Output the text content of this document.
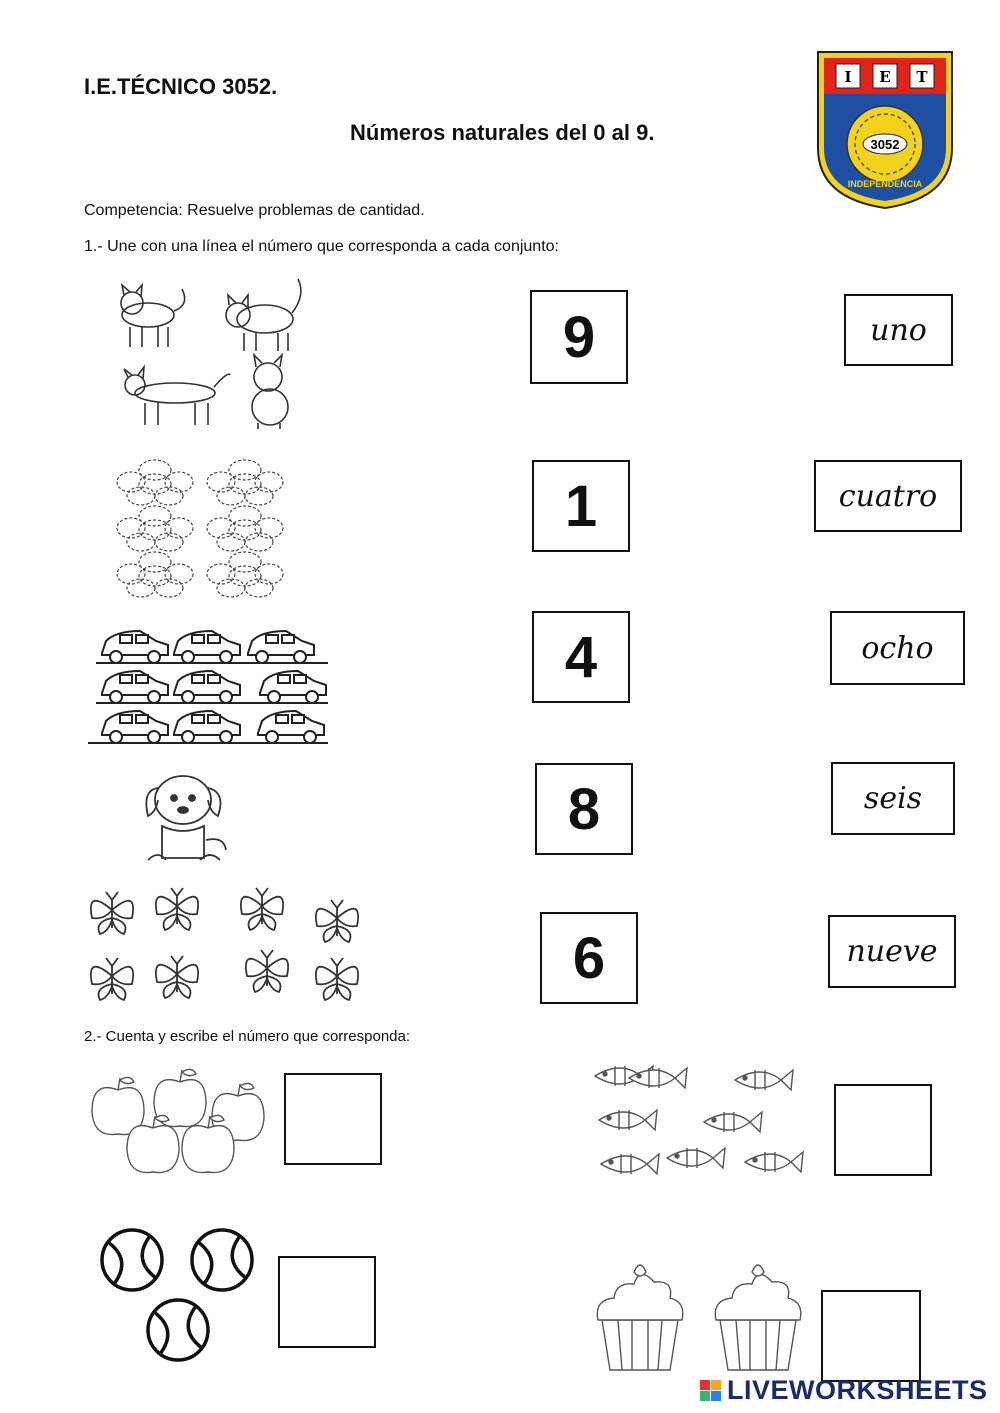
I.E.TÉCNICO 3052.
Números naturales del 0 al 9.
I E T
3052
INDEPENDENCIA
Competencia: Resuelve problemas de cantidad.
1.- Une con una línea el número que corresponda a cada conjunto:
9
1
4
8
6
uno
cuatro
ocho
seis
nueve
2.- Cuenta y escribe el número que corresponda:
LIVEWORKSHEETS
